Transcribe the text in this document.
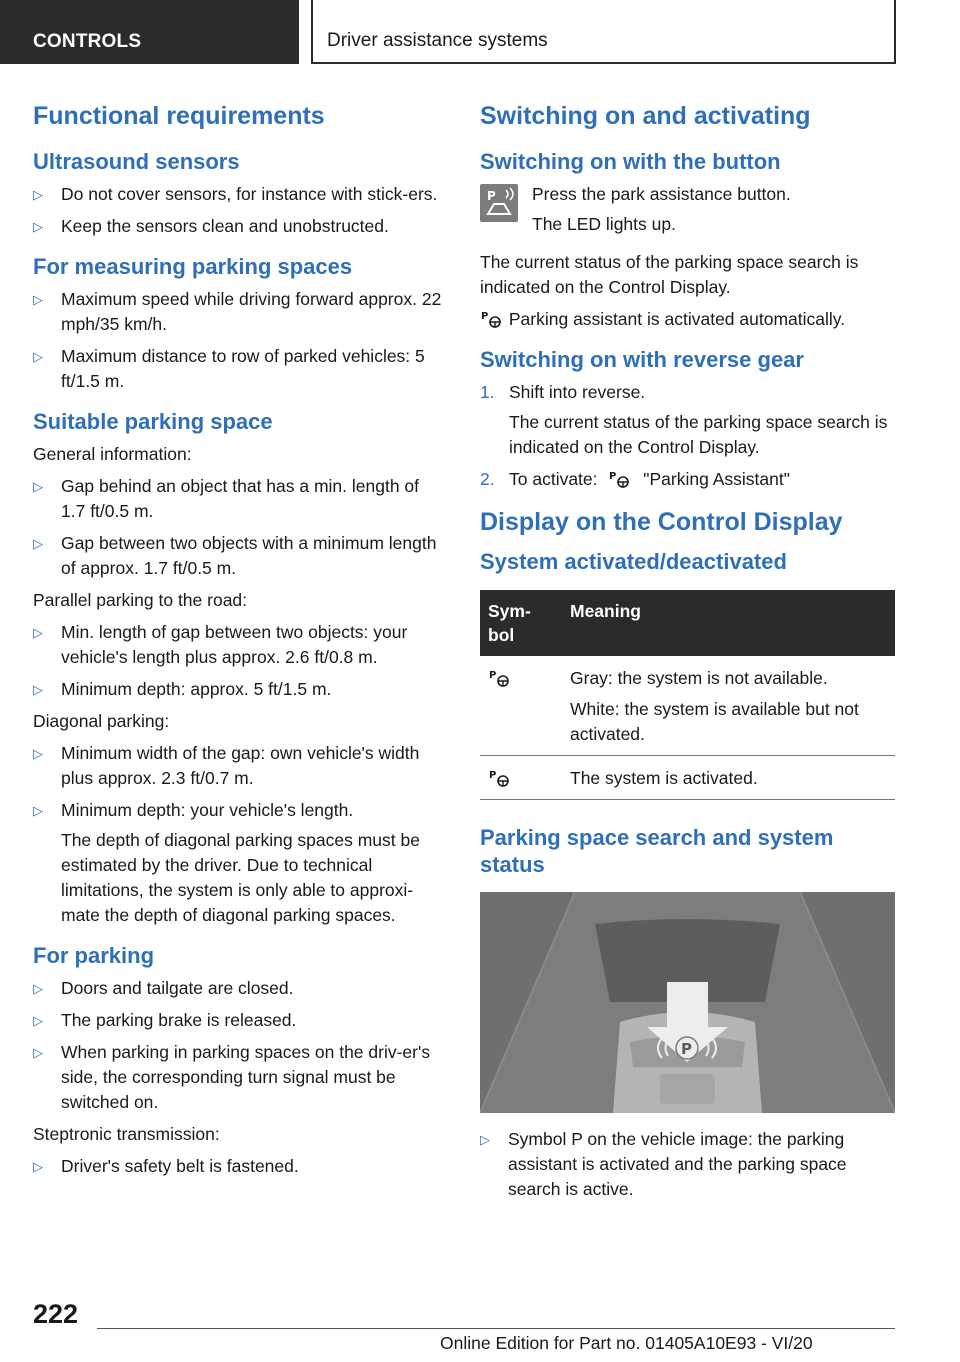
CONTROLS	Driver assistance systems
Functional requirements
Ultrasound sensors
▷ Do not cover sensors, for instance with stick‐ers.
▷ Keep the sensors clean and unobstructed.
For measuring parking spaces
▷ Maximum speed while driving forward approx. 22 mph/35 km/h.
▷ Maximum distance to row of parked vehicles: 5 ft/1.5 m.
Suitable parking space

General information:

▷ Gap behind an object that has a min. length of 1.7 ft/0.5 m.
▷ Gap between two objects with a minimum length of approx. 1.7 ft/0.5 m.

Parallel parking to the road:

▷ Min. length of gap between two objects: your vehicle's length plus approx. 2.6 ft/0.8 m.
▷ Minimum depth: approx. 5 ft/1.5 m.

Diagonal parking:

▷ Minimum width of the gap: own vehicle's width plus approx. 2.3 ft/0.7 m.
▷ Minimum depth: your vehicle's length.
The depth of diagonal parking spaces must be estimated by the driver. Due to technical limitations, the system is only able to approxi‐mate the depth of diagonal parking spaces.
For parking
▷ Doors and tailgate are closed.
▷ The parking brake is released.
▷ When parking in parking spaces on the driv‐er's side, the corresponding turn signal must be switched on.

Steptronic transmission:

▷ Driver's safety belt is fastened.
Switching on and activating
Switching on with the button
P Press the park assistance button.

The LED lights up.

The current status of the parking space search is indicated on the Control Display.

P Parking assistant is activated automatically.

Switching on with reverse gear
1. Shift into reverse.
The current status of the parking space search is indicated on the Control Display.
2. To activate: P "Parking Assistant"
Display on the Control Display
System activated/deactivated
Sym‐bol	Meaning

P	Gray: the system is not available.

White: the system is available but not activated.

P	The system is activated.
Parking space search and system status
P
▷ Symbol P on the vehicle image: the parking assistant is activated and the parking space search is active.
222
Online Edition for Part no. 01405A10E93 - VI/20
